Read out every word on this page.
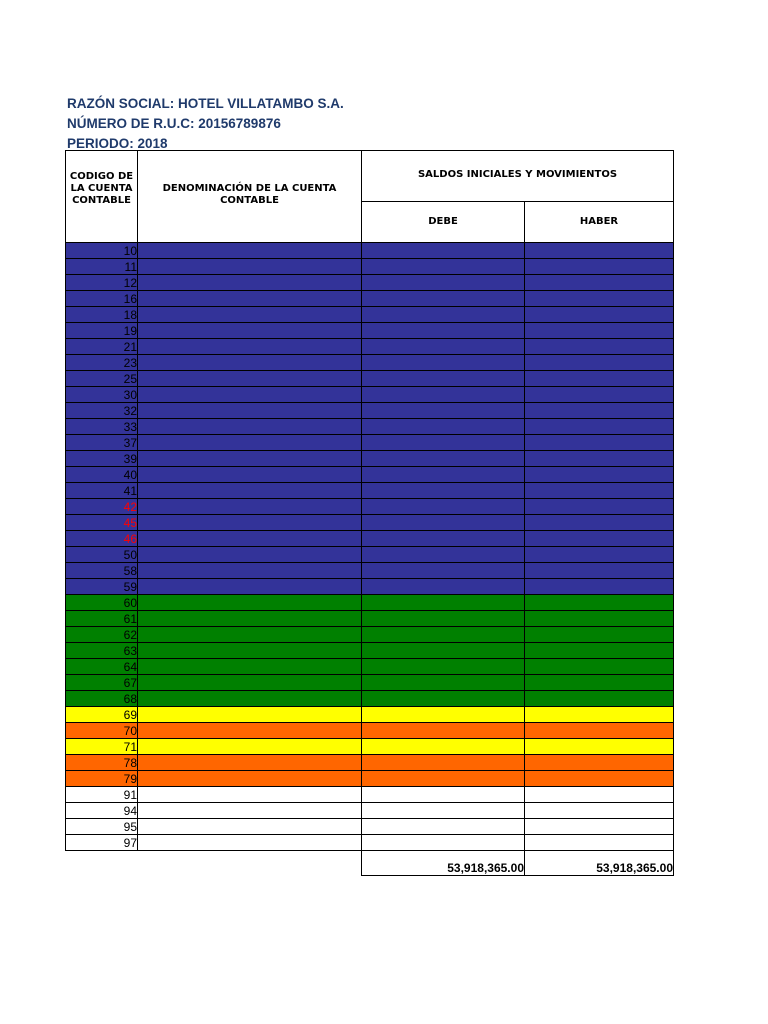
RAZÓN SOCIAL: HOTEL VILLATAMBO S.A.
NÚMERO DE R.U.C: 20156789876
PERIODO: 2018
CODIGO DE LA CUENTA CONTABLE	DENOMINACIÓN DE LA CUENTA CONTABLE	SALDOS INICIALES Y MOVIMIENTOS	
		DEBE	HABER
10			
11			
12			
16			
18			
19			
21			
23			
25			
30			
32			
33			
37			
39			
40			
41			
42			
45			
46			
50			
58			
59			
60			
61			
62			
63			
64			
67			
68			
69			
70			
71			
78			
79			
91			
94			
95			
97			
		53,918,365.00	53,918,365.00
